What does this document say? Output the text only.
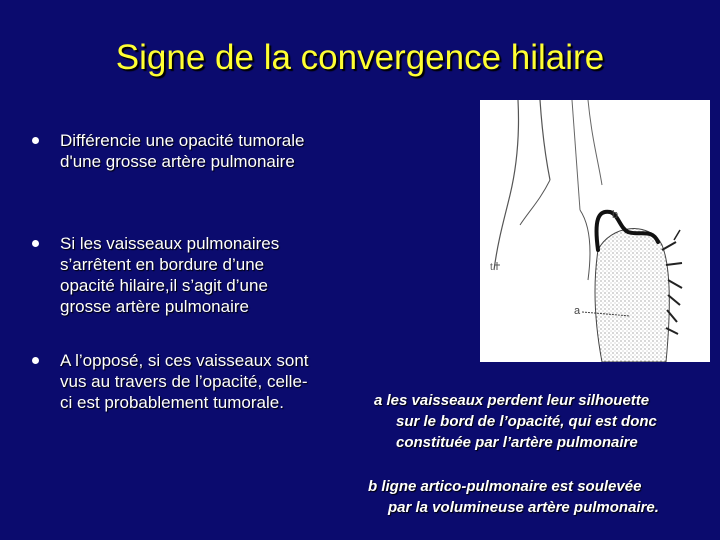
Signe de la convergence hilaire
Différencie une opacité tumorale
d'une grosse artère pulmonaire
Si les vaisseaux pulmonaires
s’arrêtent en bordure d’une
opacité hilaire,il s’agit d’une
grosse artère pulmonaire
A l’opposé, si ces vaisseaux sont
vus au travers de l’opacité, celle-
ci est probablement tumorale.
a
b
t
a les vaisseaux perdent leur silhouette
sur le bord de l’opacité, qui est donc
constituée par l’artère pulmonaire
b ligne artico-pulmonaire est soulevée
par la volumineuse artère pulmonaire.
